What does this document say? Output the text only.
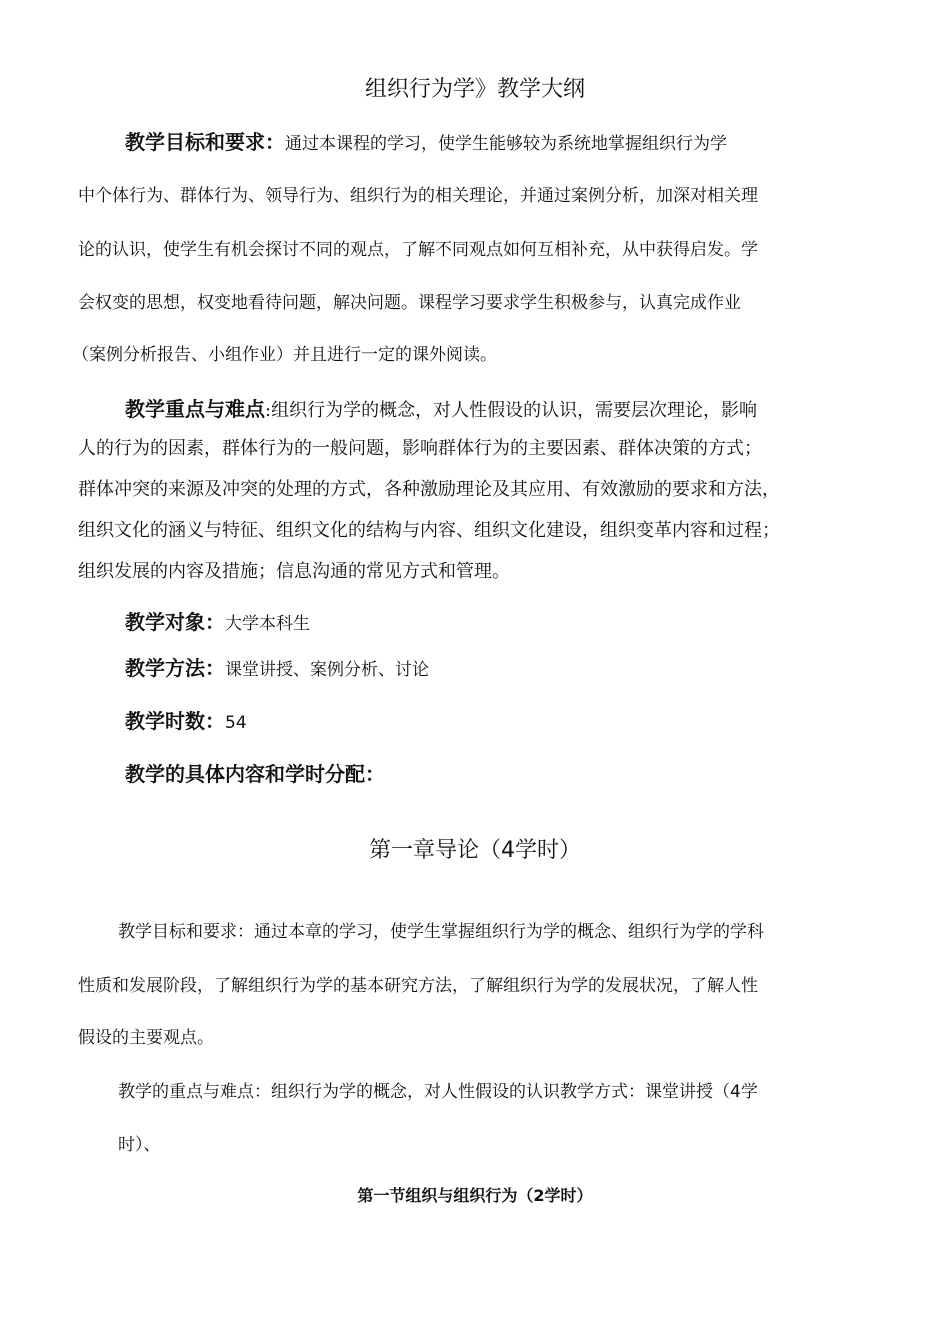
组织行为学》教学大纲
教学目标和要求：通过本课程的学习，使学生能够较为系统地掌握组织行为学
中个体行为、群体行为、领导行为、组织行为的相关理论，并通过案例分析，加深对相关理
论的认识，使学生有机会探讨不同的观点，了解不同观点如何互相补充，从中获得启发。学
会权变的思想，权变地看待问题，解决问题。课程学习要求学生积极参与，认真完成作业
（案例分析报告、小组作业）并且进行一定的课外阅读。
教学重点与难点:组织行为学的概念，对人性假设的认识，需要层次理论，影响
人的行为的因素，群体行为的一般问题，影响群体行为的主要因素、群体决策的方式；
群体冲突的来源及冲突的处理的方式，各种激励理论及其应用、有效激励的要求和方法，
组织文化的涵义与特征、组织文化的结构与内容、组织文化建设，组织变革内容和过程；
组织发展的内容及措施；信息沟通的常见方式和管理。
教学对象：大学本科生
教学方法：课堂讲授、案例分析、讨论
教学时数：54
教学的具体内容和学时分配：
第一章导论（4学时）
教学目标和要求：通过本章的学习，使学生掌握组织行为学的概念、组织行为学的学科
性质和发展阶段，了解组织行为学的基本研究方法，了解组织行为学的发展状况，了解人性
假设的主要观点。
教学的重点与难点：组织行为学的概念，对人性假设的认识教学方式：课堂讲授（4学
时）、
第一节组织与组织行为（2学时）
